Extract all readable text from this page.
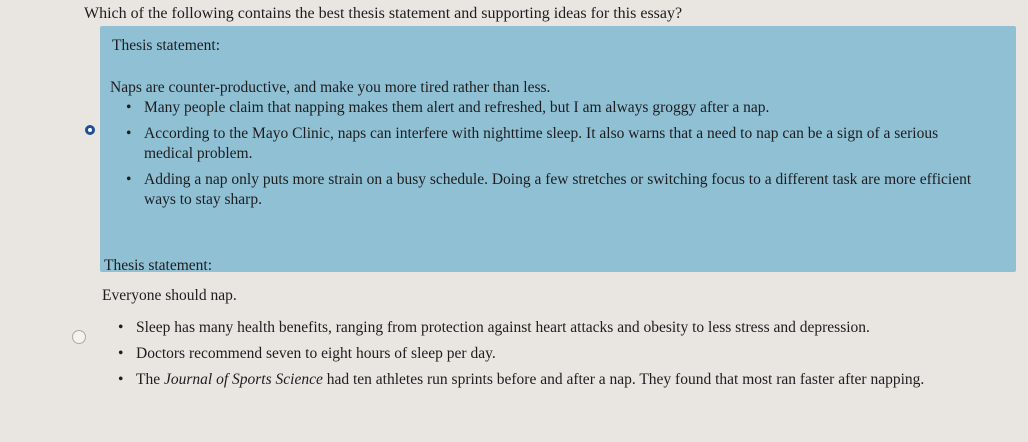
Which of the following contains the best thesis statement and supporting ideas for this essay?
Thesis statement:
Naps are counter-productive, and make you more tired rather than less.
• Many people claim that napping makes them alert and refreshed, but I am always groggy after a nap.
• According to the Mayo Clinic, naps can interfere with nighttime sleep. It also warns that a need to nap can be a sign of a serious medical problem.
• Adding a nap only puts more strain on a busy schedule. Doing a few stretches or switching focus to a different task are more efficient ways to stay sharp.
Thesis statement:
Everyone should nap.
• Sleep has many health benefits, ranging from protection against heart attacks and obesity to less stress and depression.
• Doctors recommend seven to eight hours of sleep per day.
• The Journal of Sports Science had ten athletes run sprints before and after a nap. They found that most ran faster after napping.
